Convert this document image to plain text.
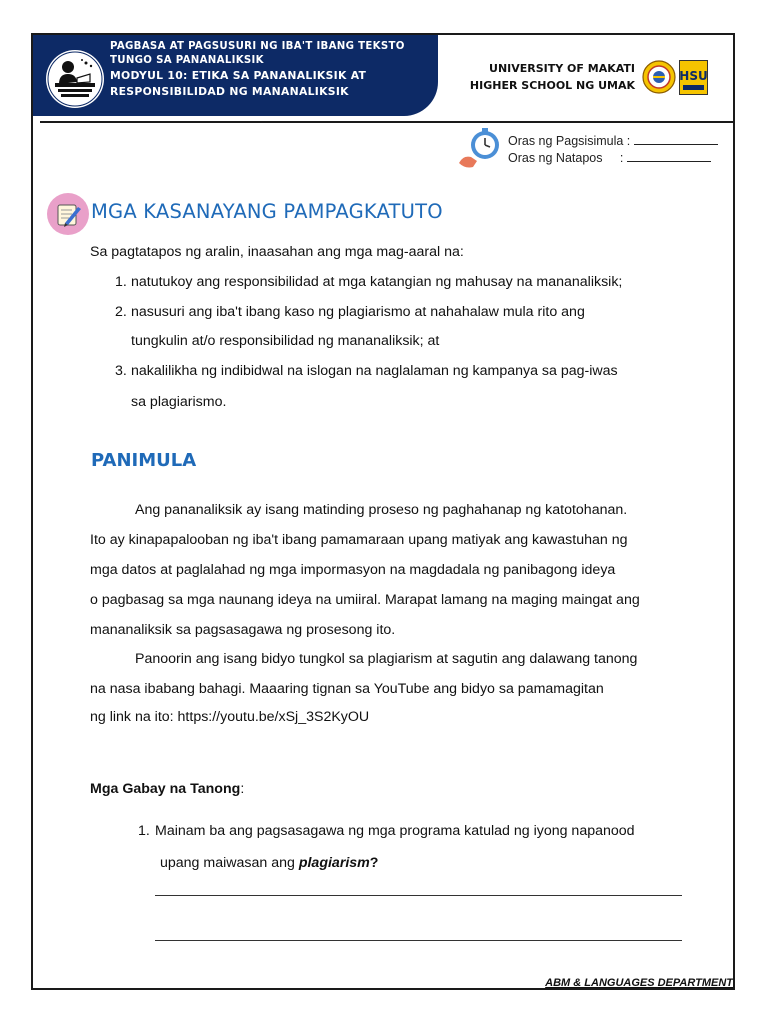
PAGBASA AT PAGSUSURI NG IBA'T IBANG TEKSTO
TUNGO SA PANANALIKSIK
MODYUL 10: ETIKA SA PANANALIKSIK AT
RESPONSIBILIDAD NG MANANALIKSIK
UNIVERSITY OF MAKATI
HIGHER SCHOOL NG UMAK
HSU
Oras ng Pagsisimula :
Oras ng Natapos     :
MGA KASANAYANG PAMPAGKATUTO
Sa pagtatapos ng aralin, inaasahan ang mga mag-aaral na:
1. natutukoy ang responsibilidad at mga katangian ng mahusay na mananaliksik;
2. nasusuri ang iba't ibang kaso ng plagiarismo at nahahalaw mula rito ang
tungkulin at/o responsibilidad ng mananaliksik; at
3. nakalilikha ng indibidwal na islogan na naglalaman ng kampanya sa pag-iwas
sa plagiarismo.
PANIMULA
Ang pananaliksik ay isang matinding proseso ng paghahanap ng katotohanan.
Ito ay kinapapalooban ng iba't ibang pamamaraan upang matiyak ang kawastuhan ng
mga datos at paglalahad ng mga impormasyon na magdadala ng panibagong ideya
o pagbasag sa mga naunang ideya na umiiral. Marapat lamang na maging maingat ang
mananaliksik sa pagsasagawa ng prosesong ito.
Panoorin ang isang bidyo tungkol sa plagiarism at sagutin ang dalawang tanong
na nasa ibabang bahagi. Maaaring tignan sa YouTube ang bidyo sa pamamagitan
ng link na ito: https://youtu.be/xSj_3S2KyOU
Mga Gabay na Tanong:
1. Mainam ba ang pagsasagawa ng mga programa katulad ng iyong napanood
upang maiwasan ang plagiarism?
ABM & LANGUAGES DEPARTMENT
